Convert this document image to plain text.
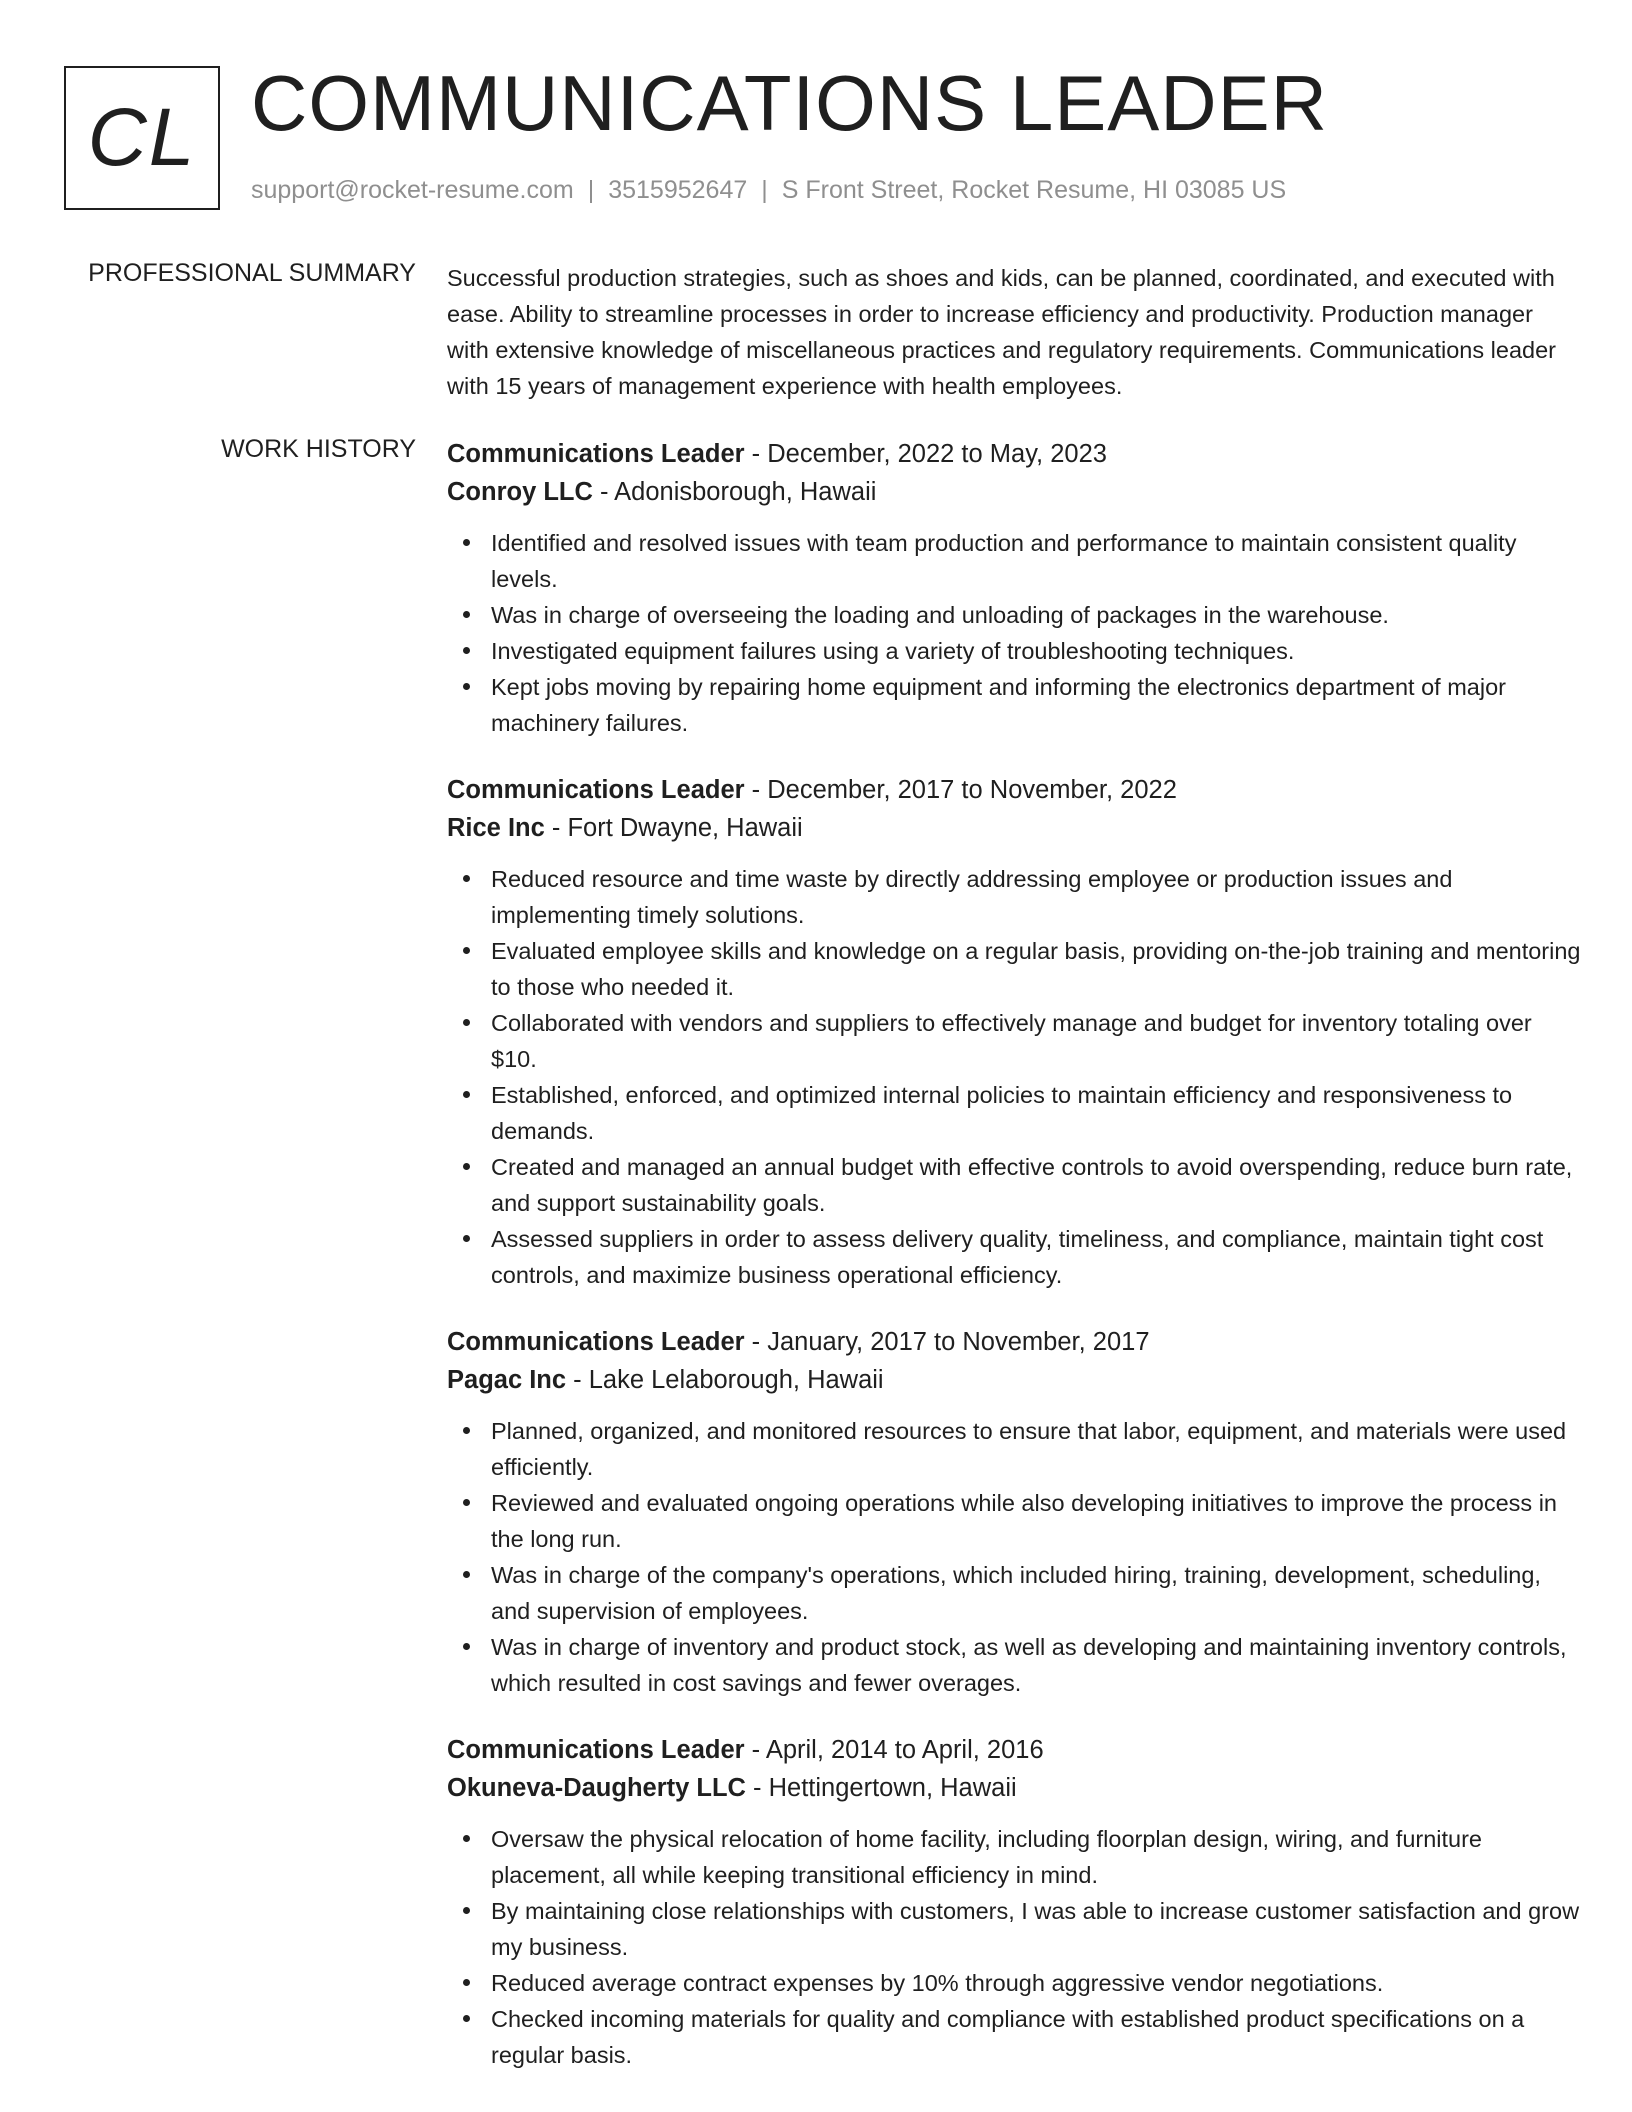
CL COMMUNICATIONS LEADER
support@rocket-resume.com | 3515952647 | S Front Street, Rocket Resume, HI 03085 US
PROFESSIONAL SUMMARY Successful production strategies, such as shoes and kids, can be planned, coordinated, and executed with ease. Ability to streamline processes in order to increase efficiency and productivity. Production manager with extensive knowledge of miscellaneous practices and regulatory requirements. Communications leader with 15 years of management experience with health employees.

WORK HISTORY Communications Leader - December, 2022 to May, 2023
Conroy LLC - Adonisborough, Hawaii
Identified and resolved issues with team production and performance to maintain consistent quality levels.
Was in charge of overseeing the loading and unloading of packages in the warehouse.
Investigated equipment failures using a variety of troubleshooting techniques.
Kept jobs moving by repairing home equipment and informing the electronics department of major machinery failures.
Communications Leader - December, 2017 to November, 2022
Rice Inc - Fort Dwayne, Hawaii
Reduced resource and time waste by directly addressing employee or production issues and implementing timely solutions.
Evaluated employee skills and knowledge on a regular basis, providing on-the-job training and mentoring to those who needed it.
Collaborated with vendors and suppliers to effectively manage and budget for inventory totaling over $10.
Established, enforced, and optimized internal policies to maintain efficiency and responsiveness to demands.
Created and managed an annual budget with effective controls to avoid overspending, reduce burn rate, and support sustainability goals.
Assessed suppliers in order to assess delivery quality, timeliness, and compliance, maintain tight cost controls, and maximize business operational efficiency.
Communications Leader - January, 2017 to November, 2017
Pagac Inc - Lake Lelaborough, Hawaii
Planned, organized, and monitored resources to ensure that labor, equipment, and materials were used efficiently.
Reviewed and evaluated ongoing operations while also developing initiatives to improve the process in the long run.
Was in charge of the company's operations, which included hiring, training, development, scheduling, and supervision of employees.
Was in charge of inventory and product stock, as well as developing and maintaining inventory controls, which resulted in cost savings and fewer overages.
Communications Leader - April, 2014 to April, 2016
Okuneva-Daugherty LLC - Hettingertown, Hawaii
Oversaw the physical relocation of home facility, including floorplan design, wiring, and furniture placement, all while keeping transitional efficiency in mind.
By maintaining close relationships with customers, I was able to increase customer satisfaction and grow my business.
Reduced average contract expenses by 10% through aggressive vendor negotiations.
Checked incoming materials for quality and compliance with established product specifications on a regular basis.
